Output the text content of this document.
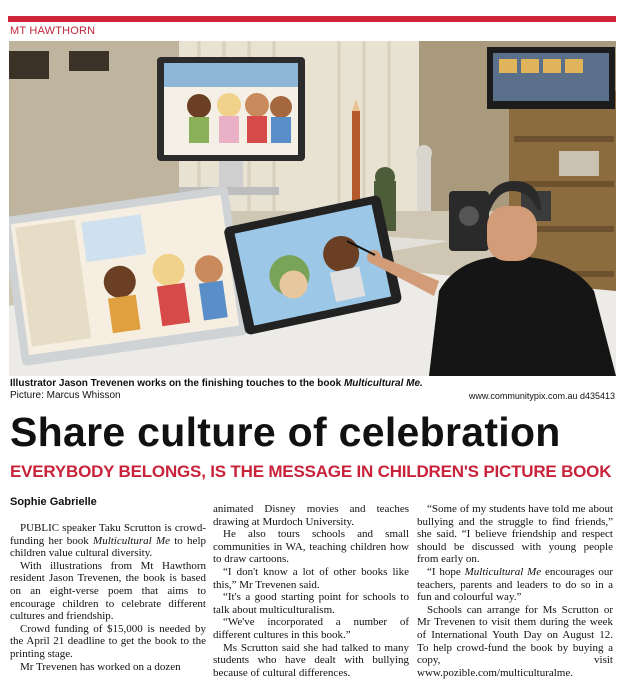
MT HAWTHORN
Illustrator Jason Trevenen works on the finishing touches to the book Multicultural Me.
Picture: Marcus Whisson	www.communitypix.com.au d435413
Share culture of celebration
EVERYBODY BELONGS, IS THE MESSAGE IN CHILDREN'S PICTURE BOOK
Sophie Gabrielle

PUBLIC speaker Taku Scrutton is crowd-funding her book Multicultural Me to help children value cultural diversity.

With illustrations from Mt Hawthorn resident Jason Trevenen, the book is based on an eight-verse poem that aims to encourage children to celebrate different cultures and friendship.

Crowd funding of $15,000 is needed by the April 21 deadline to get the book to the printing stage.

Mr Trevenen has worked on a dozen

animated Disney movies and teaches drawing at Murdoch University.

He also tours schools and small communities in WA, teaching children how to draw cartoons.

“I don't know a lot of other books like this,” Mr Trevenen said.

“It's a good starting point for schools to talk about multiculturalism.

“We've incorporated a number of different cultures in this book.”

Ms Scrutton said she had talked to many students who have dealt with bullying because of cultural differences.

“Some of my students have told me about bullying and the struggle to find friends,” she said. “I believe friendship and respect should be discussed with young people from early on.

“I hope Multicultural Me encourages our teachers, parents and leaders to do so in a fun and colourful way.”

Schools can arrange for Ms Scrutton or Mr Trevenen to visit them during the week of International Youth Day on August 12. To help crowd-fund the book by buying a copy, visit www.pozible.com/multiculturalme.
